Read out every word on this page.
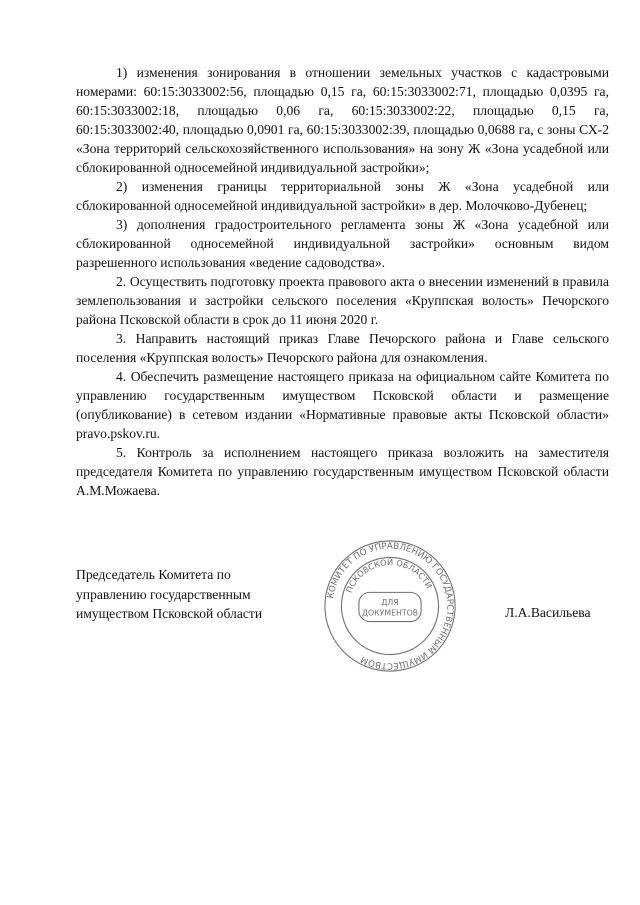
1) изменения зонирования в отношении земельных участков с кадастровыми номерами: 60:15:3033002:56, площадью 0,15 га, 60:15:3033002:71, площадью 0,0395 га, 60:15:3033002:18, площадью 0,06 га, 60:15:3033002:22, площадью 0,15 га, 60:15:3033002:40, площадью 0,0901 га, 60:15:3033002:39, площадью 0,0688 га, с зоны СХ-2 «Зона территорий сельскохозяйственного использования» на зону Ж «Зона усадебной или сблокированной односемейной индивидуальной застройки»;

2) изменения границы территориальной зоны Ж «Зона усадебной или сблокированной односемейной индивидуальной застройки» в дер. Молочково-Дубенец;

3) дополнения градостроительного регламента зоны Ж «Зона усадебной или сблокированной односемейной индивидуальной застройки» основным видом разрешенного использования «ведение садоводства».

2. Осуществить подготовку проекта правового акта о внесении изменений в правила землепользования и застройки сельского поселения «Круппская волость» Печорского района Псковской области в срок до 11 июня 2020 г.

3. Направить настоящий приказ Главе Печорского района и Главе сельского поселения «Круппская волость» Печорского района для ознакомления.

4. Обеспечить размещение настоящего приказа на официальном сайте Комитета по управлению государственным имуществом Псковской области и размещение (опубликование) в сетевом издании «Нормативные правовые акты Псковской области» pravo.pskov.ru.

5. Контроль за исполнением настоящего приказа возложить на заместителя председателя Комитета по управлению государственным имуществом Псковской области А.М.Можаева.

Председатель Комитета по
управлению государственным
имуществом Псковской области
КОМИТЕТ ПО УПРАВЛЕНИЮ ГОСУДАРСТВЕННЫМ ИМУЩЕСТВОМ
ПСКОВСКОЙ ОБЛАСТИ
ДЛЯ
ДОКУМЕНТОВ	Л.А.Васильева
